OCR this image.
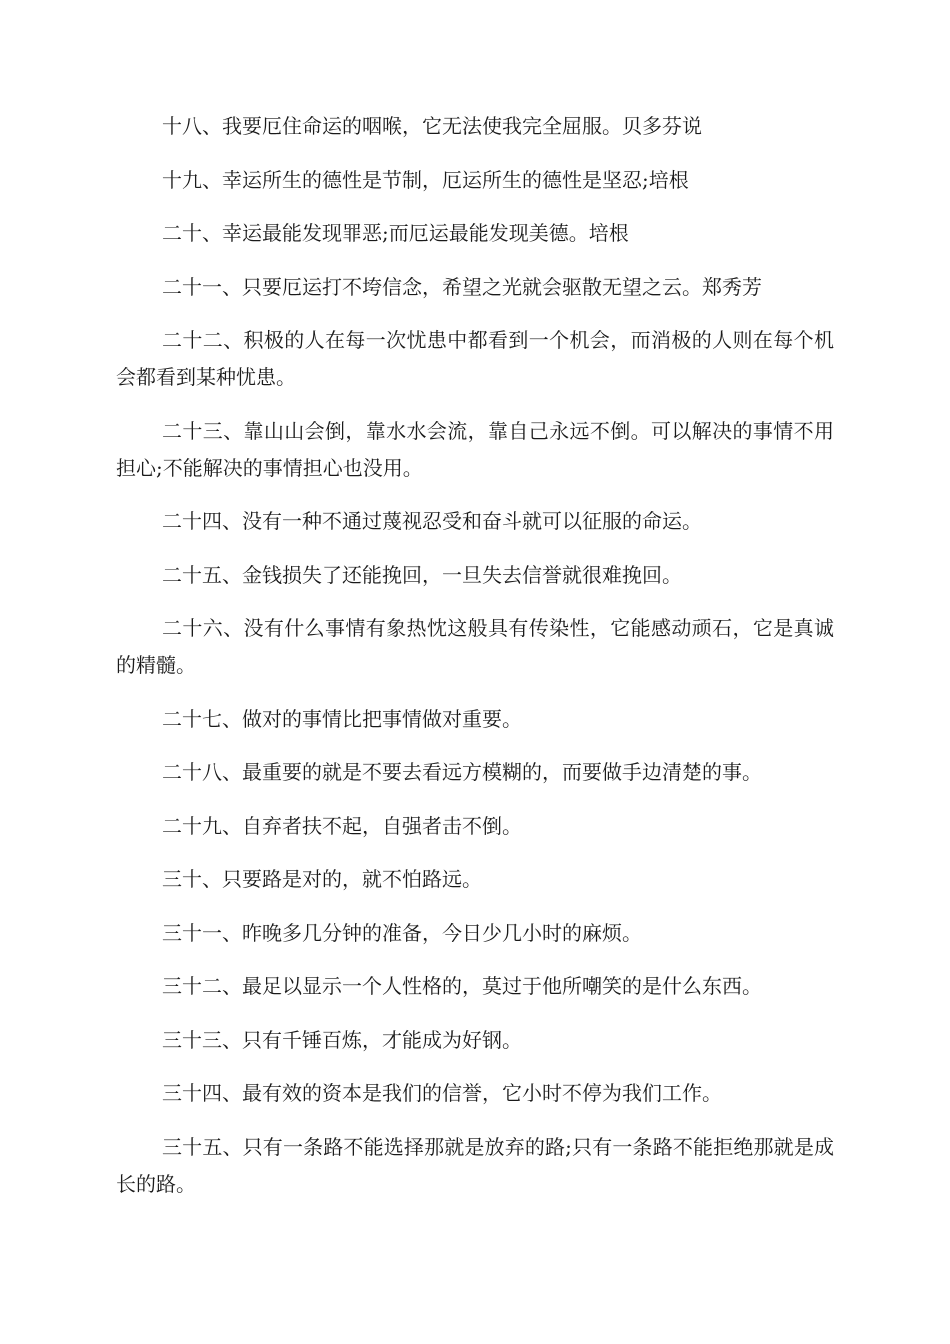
十八、我要厄住命运的咽喉，它无法使我完全屈服。贝多芬说

十九、幸运所生的德性是节制，厄运所生的德性是坚忍;培根

二十、幸运最能发现罪恶;而厄运最能发现美德。培根

二十一、只要厄运打不垮信念，希望之光就会驱散无望之云。郑秀芳

二十二、积极的人在每一次忧患中都看到一个机会，而消极的人则在每个机会都看到某种忧患。

二十三、靠山山会倒，靠水水会流，靠自己永远不倒。可以解决的事情不用担心;不能解决的事情担心也没用。

二十四、没有一种不通过蔑视忍受和奋斗就可以征服的命运。

二十五、金钱损失了还能挽回，一旦失去信誉就很难挽回。

二十六、没有什么事情有象热忱这般具有传染性，它能感动顽石，它是真诚的精髓。

二十七、做对的事情比把事情做对重要。

二十八、最重要的就是不要去看远方模糊的，而要做手边清楚的事。

二十九、自弃者扶不起，自强者击不倒。

三十、只要路是对的，就不怕路远。

三十一、昨晚多几分钟的准备，今日少几小时的麻烦。

三十二、最足以显示一个人性格的，莫过于他所嘲笑的是什么东西。

三十三、只有千锤百炼，才能成为好钢。

三十四、最有效的资本是我们的信誉，它小时不停为我们工作。

三十五、只有一条路不能选择那就是放弃的路;只有一条路不能拒绝那就是成长的路。
